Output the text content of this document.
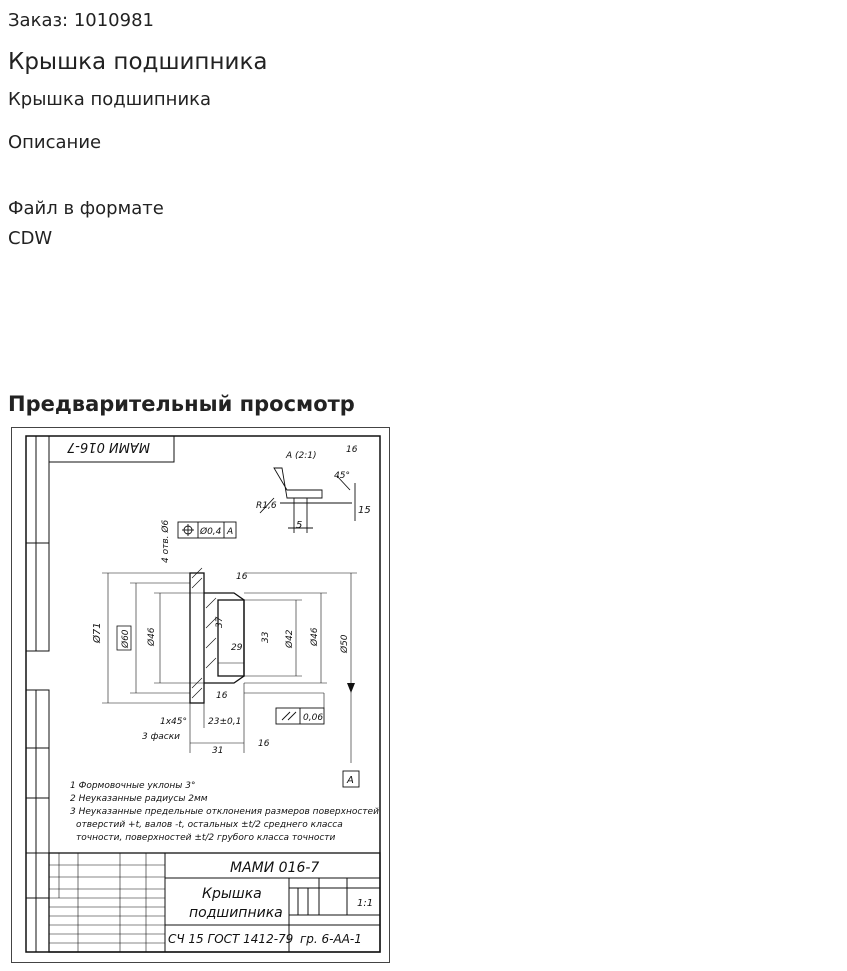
Заказ: 1010981

Крышка подшипника

Крышка подшипника

Описание

Файл в формате CDW

Предварительный просмотр
МАМИ 016-7
А (2:1)
5
15
45°
R1,6
Ø0,4 А
4 отв. Ø6
Ø71 Ø60 Ø46
29
33
37
Ø42 Ø46 Ø50
23±0,1
31
1х45°
3 фаски
16
16
16
16
0,06
А
1 Формовочные уклоны 3°
2 Неуказанные радиусы 2мм
3 Неуказанные предельные отклонения размеров поверхностей
отверстий +t, валов -t, остальных ±t/2 среднего класса
точности, поверхностей ±t/2 грубого класса точности
МАМИ 016-7
Крышка
подшипника
СЧ 15 ГОСТ 1412-79 гр. 6-АА-1
1:1
